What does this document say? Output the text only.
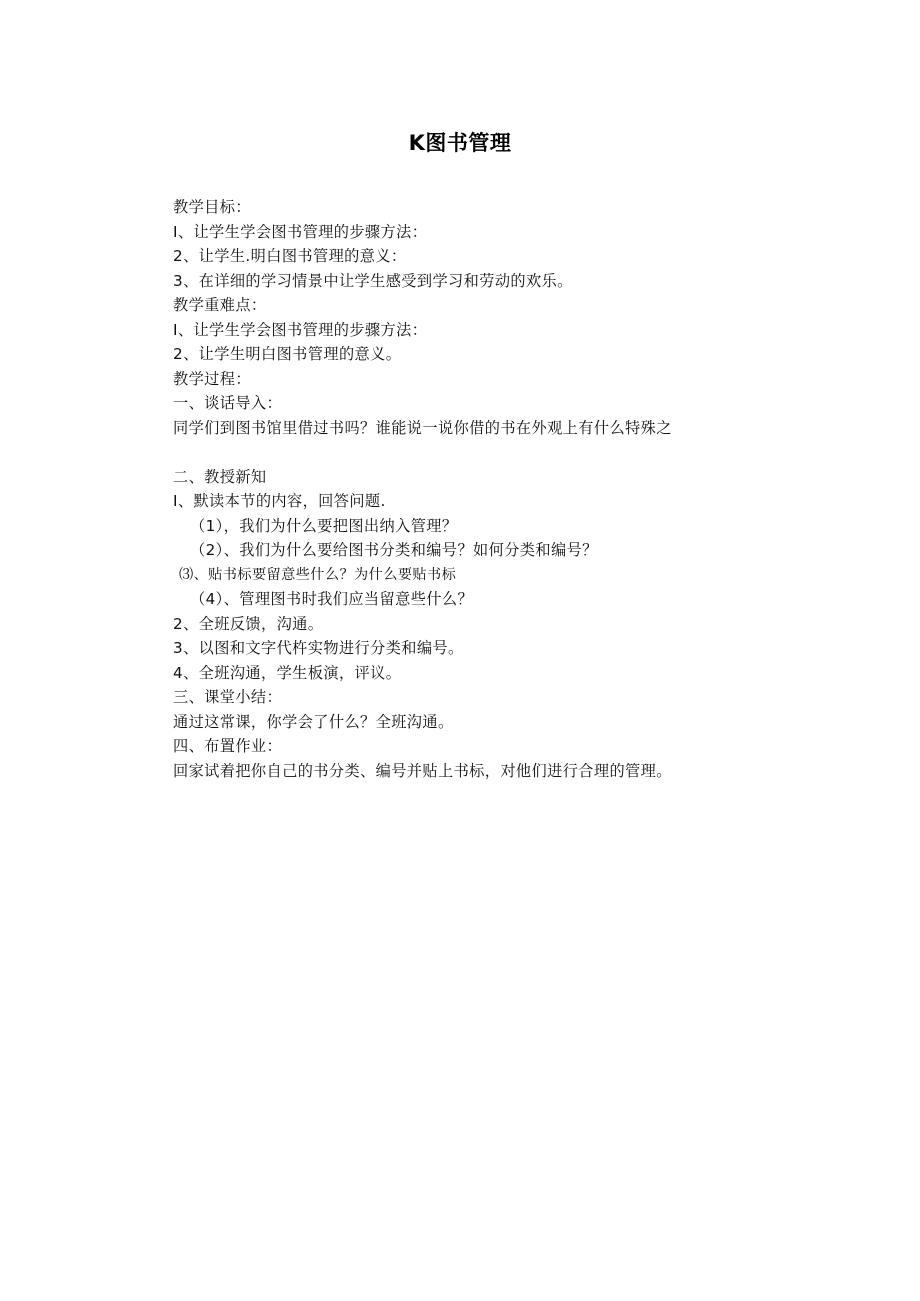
K图书管理
教学目标：
I、让学生学会图书管理的步骤方法：
2、让学生.明白图书管理的意义：
3、在详细的学习情景中让学生感受到学习和劳动的欢乐。
教学重难点：
I、让学生学会图书管理的步骤方法：
2、让学生明白图书管理的意义。
教学过程：
一、谈话导入：
同学们到图书馆里借过书吗？谁能说一说你借的书在外观上有什么特殊之
二、教授新知
I、默读本节的内容，回答问题.
（1），我们为什么要把图出纳入管理？
（2）、我们为什么要给图书分类和编号？如何分类和编号？
⑶、贴书标要留意些什么？为什么要贴书标
（4）、管理图书时我们应当留意些什么？
2、全班反馈，沟通。
3、以图和文字代杵实物进行分类和编号。
4、全班沟通，学生板演，评议。
三、课堂小结：
通过这常课，你学会了什么？全班沟通。
四、布置作业：
回家试着把你自己的书分类、编号并贴上书标，对他们进行合理的管理。
